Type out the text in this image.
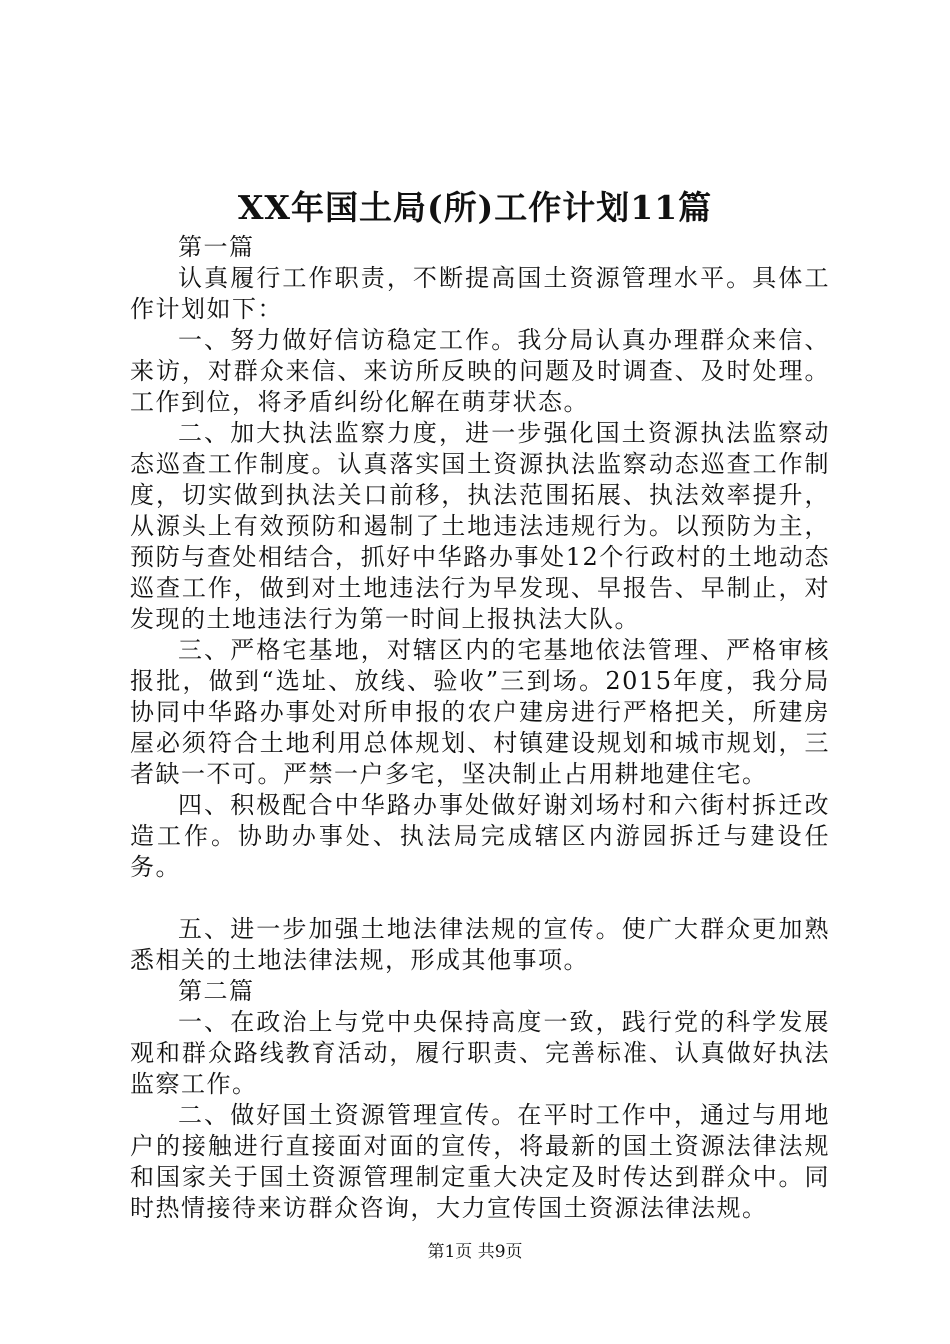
XX年国土局(所)工作计划11篇

第一篇

认真履行工作职责，不断提高国土资源管理水平。具体工作计划如下：

一、努力做好信访稳定工作。我分局认真办理群众来信、来访，对群众来信、来访所反映的问题及时调查、及时处理。工作到位，将矛盾纠纷化解在萌芽状态。

二、加大执法监察力度，进一步强化国土资源执法监察动态巡查工作制度。认真落实国土资源执法监察动态巡查工作制度，切实做到执法关口前移，执法范围拓展、执法效率提升，从源头上有效预防和遏制了土地违法违规行为。以预防为主，预防与查处相结合，抓好中华路办事处12个行政村的土地动态巡查工作，做到对土地违法行为早发现、早报告、早制止，对发现的土地违法行为第一时间上报执法大队。

三、严格宅基地，对辖区内的宅基地依法管理、严格审核报批，做到“选址、放线、验收”三到场。2015年度，我分局协同中华路办事处对所申报的农户建房进行严格把关，所建房屋必须符合土地利用总体规划、村镇建设规划和城市规划，三者缺一不可。严禁一户多宅，坚决制止占用耕地建住宅。

四、积极配合中华路办事处做好谢刘场村和六街村拆迁改造工作。协助办事处、执法局完成辖区内游园拆迁与建设任务。

五、进一步加强土地法律法规的宣传。使广大群众更加熟悉相关的土地法律法规，形成其他事项。

第二篇

一、在政治上与党中央保持高度一致，践行党的科学发展观和群众路线教育活动，履行职责、完善标准、认真做好执法监察工作。

二、做好国土资源管理宣传。在平时工作中，通过与用地户的接触进行直接面对面的宣传，将最新的国土资源法律法规和国家关于国土资源管理制定重大决定及时传达到群众中。同时热情接待来访群众咨询，大力宣传国土资源法律法规。

第1页 共9页
